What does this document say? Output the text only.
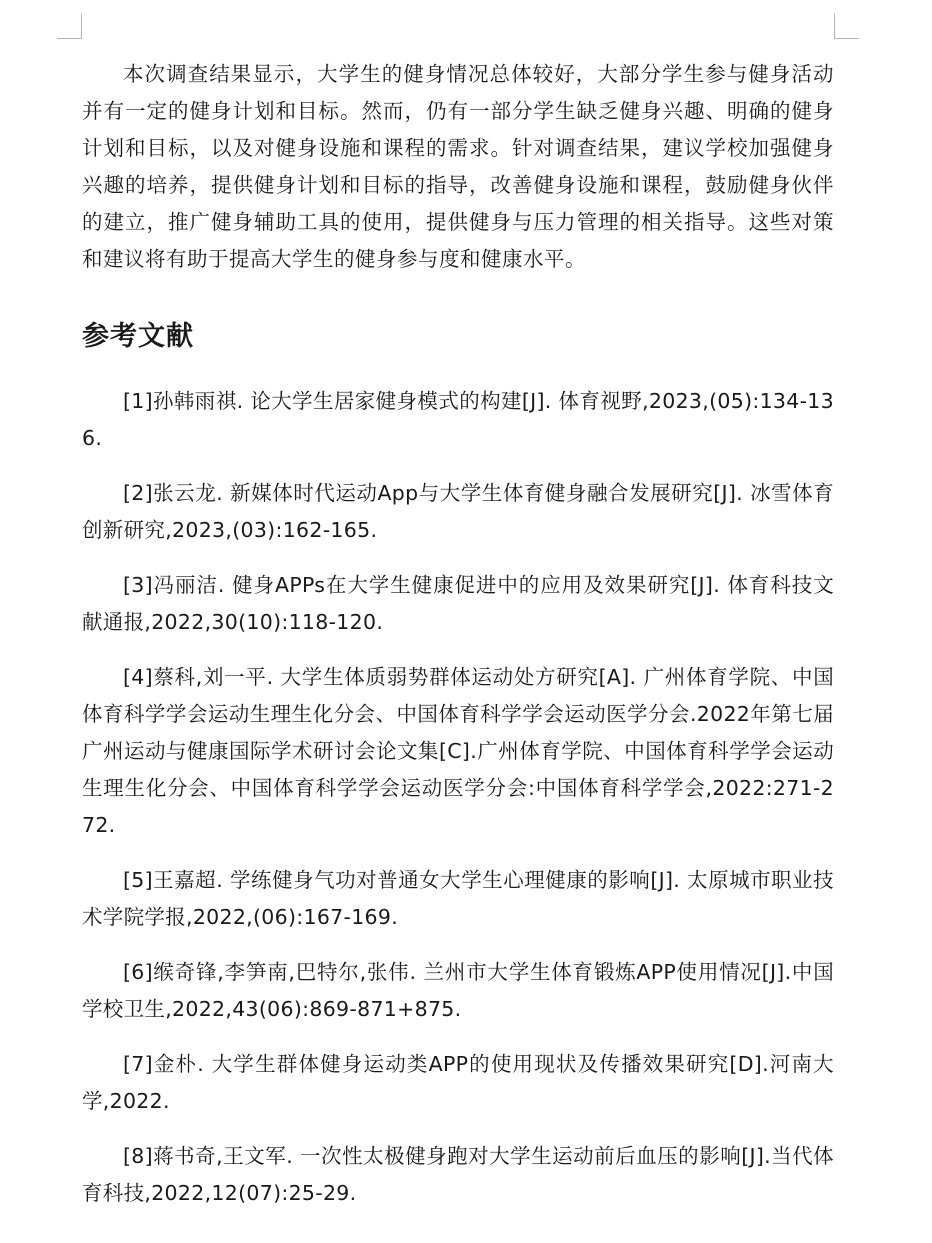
本次调查结果显示，大学生的健身情况总体较好，大部分学生参与健身活动并有一定的健身计划和目标。然而，仍有一部分学生缺乏健身兴趣、明确的健身计划和目标，以及对健身设施和课程的需求。针对调查结果，建议学校加强健身兴趣的培养，提供健身计划和目标的指导，改善健身设施和课程，鼓励健身伙伴的建立，推广健身辅助工具的使用，提供健身与压力管理的相关指导。这些对策和建议将有助于提高大学生的健身参与度和健康水平。

参考文献
[1]孙韩雨祺. 论大学生居家健身模式的构建[J]. 体育视野,2023,(05):134-136.
[2]张云龙. 新媒体时代运动App与大学生体育健身融合发展研究[J]. 冰雪体育创新研究,2023,(03):162-165.
[3]冯丽洁. 健身APPs在大学生健康促进中的应用及效果研究[J]. 体育科技文献通报,2022,30(10):118-120.
[4]蔡科,刘一平. 大学生体质弱势群体运动处方研究[A]. 广州体育学院、中国体育科学学会运动生理生化分会、中国体育科学学会运动医学分会.2022年第七届广州运动与健康国际学术研讨会论文集[C].广州体育学院、中国体育科学学会运动生理生化分会、中国体育科学学会运动医学分会:中国体育科学学会,2022:271-272.
[5]王嘉超. 学练健身气功对普通女大学生心理健康的影响[J]. 太原城市职业技术学院学报,2022,(06):167-169.
[6]缑奇锋,李笋南,巴特尔,张伟. 兰州市大学生体育锻炼APP使用情况[J].中国学校卫生,2022,43(06):869-871+875.
[7]金朴. 大学生群体健身运动类APP的使用现状及传播效果研究[D].河南大学,2022.
[8]蒋书奇,王文军. 一次性太极健身跑对大学生运动前后血压的影响[J].当代体育科技,2022,12(07):25-29.
